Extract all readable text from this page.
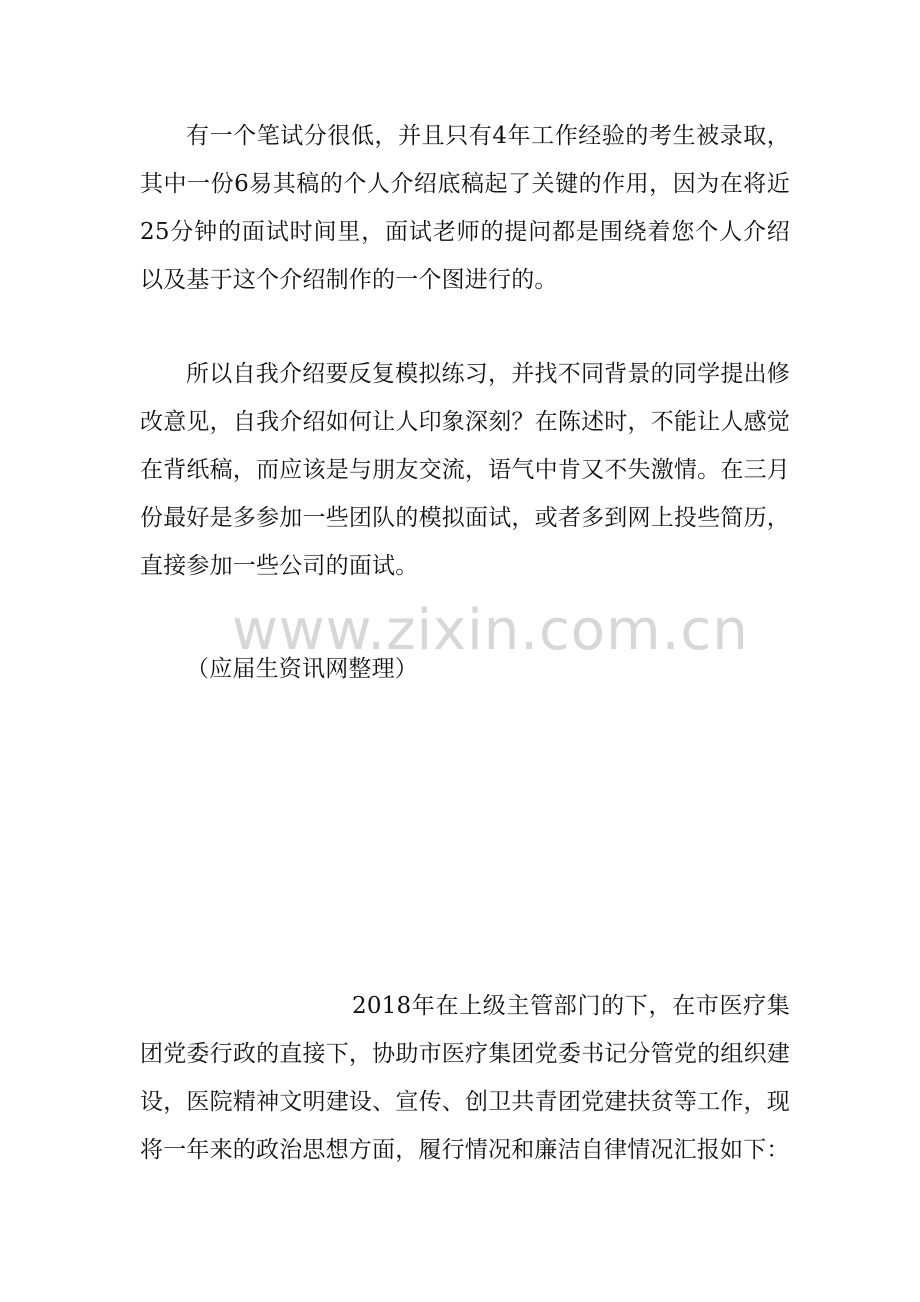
有一个笔试分很低，并且只有4年工作经验的考生被录取，
其中一份6易其稿的个人介绍底稿起了关键的作用，因为在将近
25分钟的面试时间里，面试老师的提问都是围绕着您个人介绍
以及基于这个介绍制作的一个图进行的。
所以自我介绍要反复模拟练习，并找不同背景的同学提出修
改意见，自我介绍如何让人印象深刻？在陈述时，不能让人感觉
在背纸稿，而应该是与朋友交流，语气中肯又不失激情。在三月
份最好是多参加一些团队的模拟面试，或者多到网上投些简历，
直接参加一些公司的面试。
www.zixin.com.cn
（应届生资讯网整理）
2018年在上级主管部门的下，在市医疗集
团党委行政的直接下，协助市医疗集团党委书记分管党的组织建
设，医院精神文明建设、宣传、创卫共青团党建扶贫等工作，现
将一年来的政治思想方面，履行情况和廉洁自律情况汇报如下：
